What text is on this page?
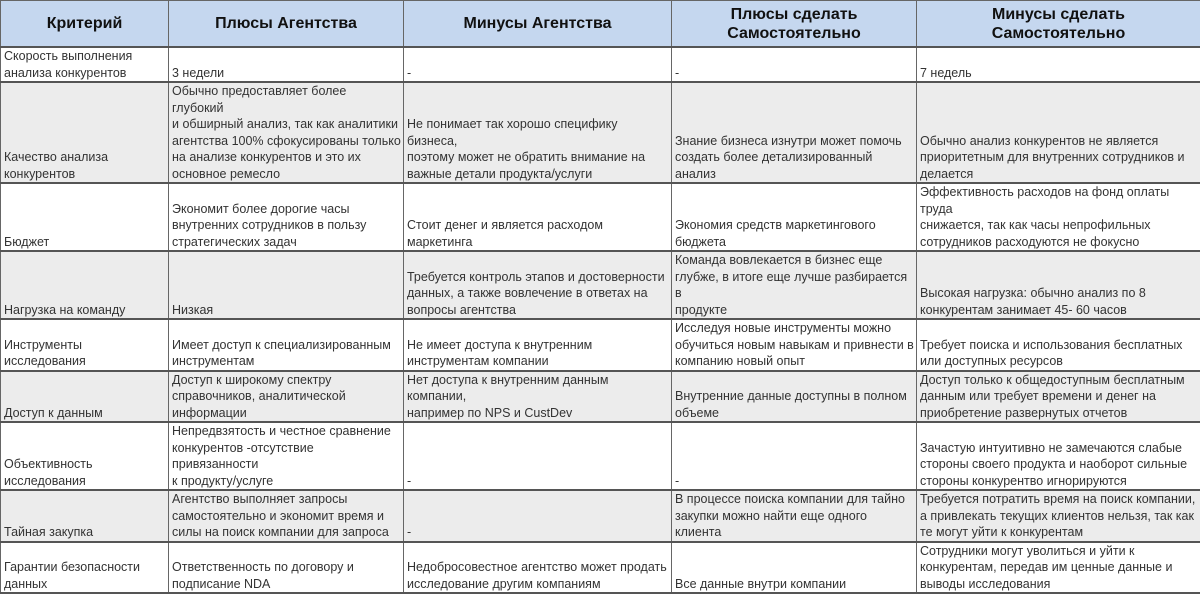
Критерий	Плюсы Агентства	Минусы Агентства	Плюсы сделать
Самостоятельно	Минусы сделать
Самостоятельно
Скорость выполнения
анализа конкурентов	3 недели	-	-	7 недель
Качество анализа
конкурентов	Обычно предоставляет более глубокий
и обширный анализ, так как аналитики
агентства 100% сфокусированы только
на анализе конкурентов и это их
основное ремесло	Не понимает так хорошо специфику бизнеса,
поэтому может не обратить внимание на
важные детали продукта/услуги	Знание бизнеса изнутри может помочь
создать более детализированный анализ	Обычно анализ конкурентов не является
приоритетным для внутренних сотрудников и
делается
Бюджет	Экономит более дорогие часы
внутренних сотрудников в пользу
стратегических задач	Стоит денег и является расходом маркетинга	Экономия средств маркетингового
бюджета	Эффективность расходов на фонд оплаты труда
снижается, так как часы непрофильных
сотрудников расходуются не фокусно
Нагрузка на команду	Низкая	Требуется контроль этапов и достоверности
данных, а также вовлечение в ответах на
вопросы агентства	Команда вовлекается в бизнес еще
глубже, в итоге еще лучше разбирается в
продукте	Высокая нагрузка: обычно анализ по 8
конкурентам занимает 45- 60 часов
Инструменты исследования	Имеет доступ к специализированным
инструментам	Не имеет доступа к внутренним
инструментам компании	Исследуя новые инструменты можно
обучиться новым навыкам и привнести в
компанию новый опыт	Требует поиска и использования бесплатных
или доступных ресурсов
Доступ к данным	Доступ к широкому спектру
справочников, аналитической
информации	Нет доступа к внутренним данным компании,
например по NPS и CustDev	Внутренние данные доступны в полном
объеме	Доступ только к общедоступным бесплатным
данным или требует времени и денег на
приобретение развернутых отчетов
Объективность
исследования	Непредвзятость и честное сравнение
конкурентов -отсутствие привязанности
к продукту/услуге	-	-	Зачастую интуитивно не замечаются слабые
стороны своего продукта и наоборот сильные
стороны конкурентво игнорируются
Тайная закупка	Агентство выполняет запросы
самостоятельно и экономит время и
силы на поиск компании для запроса	-	В процессе поиска компании для тайно
закупки можно найти еще одного клиента	Требуется потратить время на поиск компании,
а привлекать текущих клиентов нельзя, так как
те могут уйти к конкурентам
Гарантии безопасности
данных	Ответственность по договору и
подписание NDA	Недобросовестное агентство может продать
исследование другим компаниям	Все данные внутри компании	Сотрудники могут уволиться и уйти к
конкурентам, передав им ценные данные и
выводы исследования
